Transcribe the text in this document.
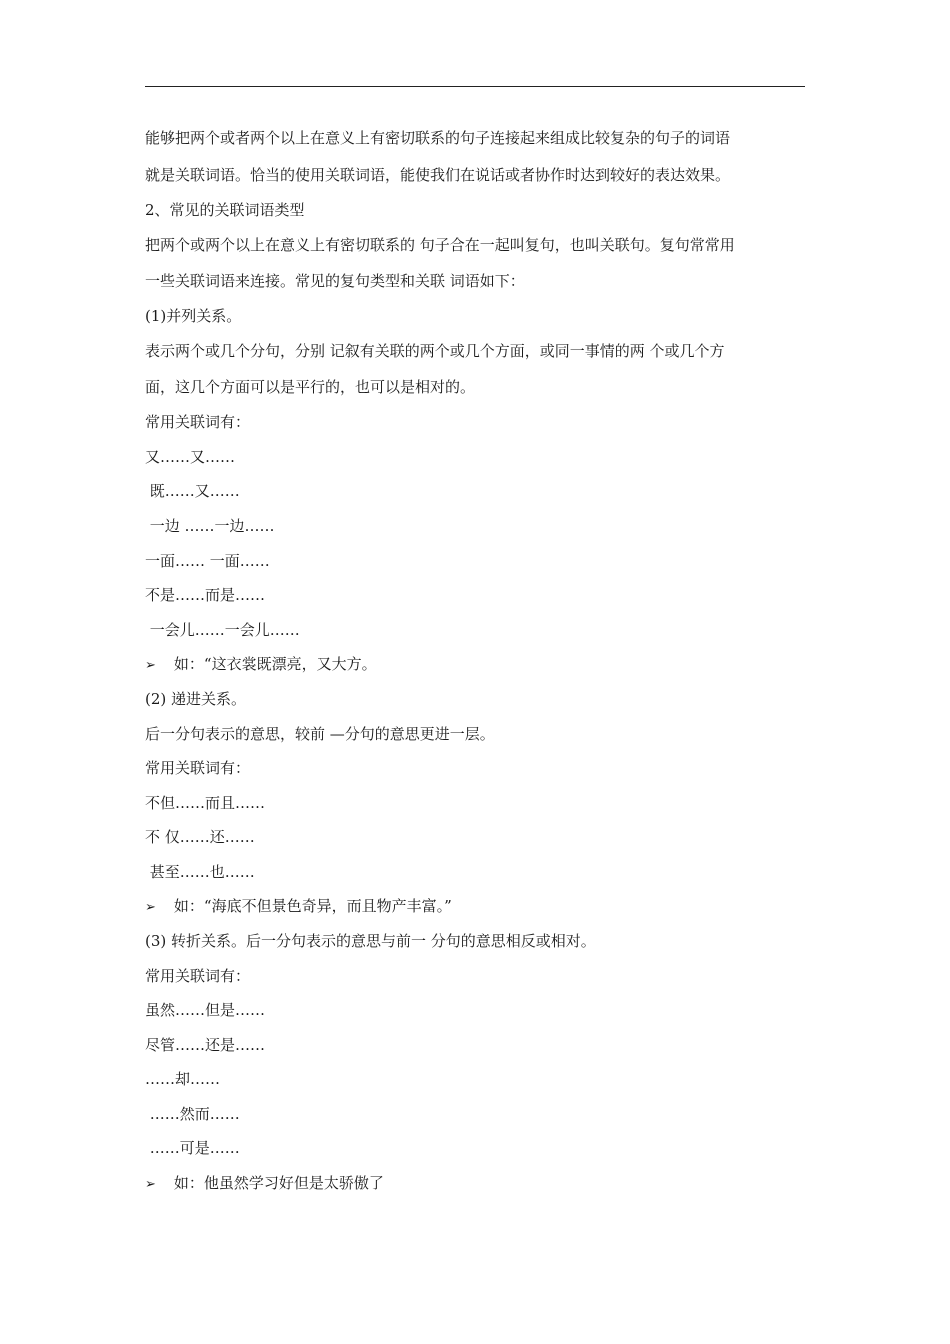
能够把两个或者两个以上在意义上有密切联系的句子连接起来组成比较复杂的句子的词语
就是关联词语。恰当的使用关联词语，能使我们在说话或者协作时达到较好的表达效果。
2、常见的关联词语类型
把两个或两个以上在意义上有密切联系的 句子合在一起叫复句，也叫关联句。复句常常用
一些关联词语来连接。常见的复句类型和关联 词语如下：
(1)并列关系。
表示两个或几个分句，分别 记叙有关联的两个或几个方面，或同一事情的两 个或几个方
面，这几个方面可以是平行的，也可以是相对的。
常用关联词有：
又……又……
既……又……
一边 ……一边……
一面…… 一面……
不是……而是……
一会儿……一会儿……
➢ 如：“这衣裳既漂亮，又大方。
(2) 递进关系。
后一分句表示的意思，较前 —分句的意思更进一层。
常用关联词有：
不但……而且……
不 仅……还……
甚至……也……
➢ 如：“海底不但景色奇异，而且物产丰富。”
(3) 转折关系。后一分句表示的意思与前一 分句的意思相反或相对。
常用关联词有：
虽然……但是……
尽管……还是……
……却……
……然而……
……可是……
➢ 如：他虽然学习好但是太骄傲了
